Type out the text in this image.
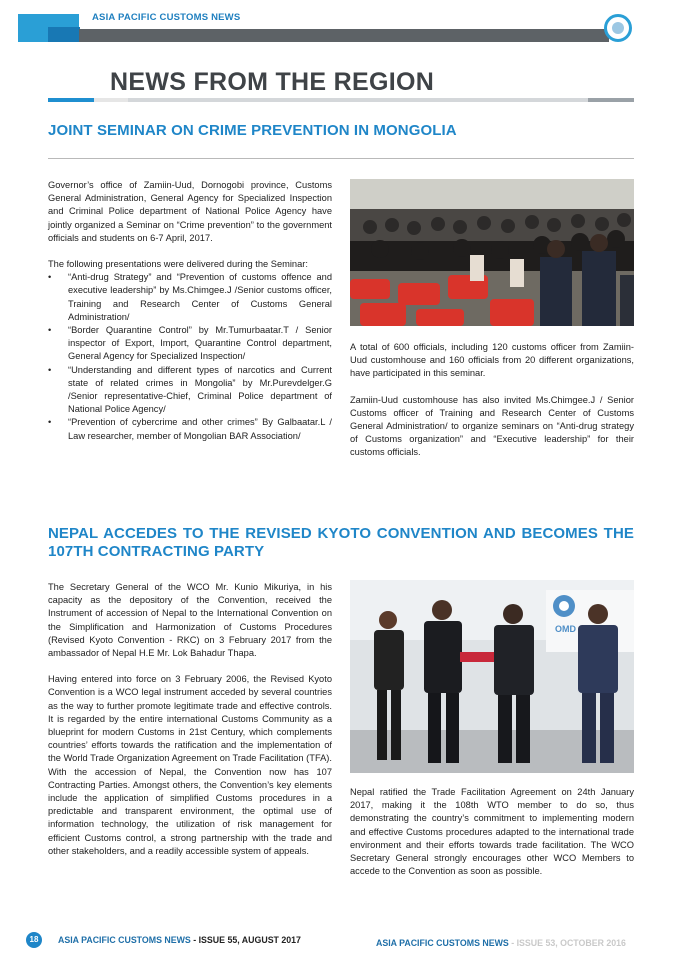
ASIA PACIFIC CUSTOMS NEWS
NEWS FROM THE REGION
JOINT SEMINAR ON CRIME PREVENTION IN MONGOLIA

Governor’s office of Zamiin-Uud, Dornogobi province, Customs General Administration, General Agency for Specialized Inspection and Criminal Police department of National Police Agency have jointly organized a Seminar on “Crime prevention” to the government officials and students on 6-7 April, 2017.

The following presentations were delivered during the Seminar:
• “Anti-drug Strategy” and “Prevention of customs offence and executive leadership” by Ms.Chimgee.J /Senior customs officer, Training and Research Center of Customs General Administration/
• “Border Quarantine Control” by Mr.Tumurbaatar.T / Senior inspector of Export, Import, Quarantine Control department, General Agency for Specialized Inspection/
• “Understanding and different types of narcotics and Current state of related crimes in Mongolia” by Mr.Purevdelger.G /Senior representative-Chief, Criminal Police department of National Police Agency/
• “Prevention of cybercrime and other crimes” By Galbaatar.L / Law researcher, member of Mongolian BAR Association/

A total of 600 officials, including 120 customs officer from Zamiin-Uud customhouse and 160 officials from 20 different organizations, have participated in this seminar.

Zamiin-Uud customhouse has also invited Ms.Chimgee.J / Senior Customs officer of Training and Research Center of Customs General Administration/ to organize seminars on “Anti-drug strategy of Customs organization” and “Executive leadership” for their customs officials.

NEPAL ACCEDES TO THE REVISED KYOTO CONVENTION AND BECOMES THE 107TH CONTRACTING PARTY

The Secretary General of the WCO Mr. Kunio Mikuriya, in his capacity as the depository of the Convention, received the Instrument of accession of Nepal to the International Convention on the Simplification and Harmonization of Customs Procedures (Revised Kyoto Convention - RKC) on 3 February 2017 from the ambassador of Nepal H.E Mr. Lok Bahadur Thapa.

Having entered into force on 3 February 2006, the Revised Kyoto Convention is a WCO legal instrument acceded by several countries as the way to further promote legitimate trade and effective controls. It is regarded by the entire international Customs Community as a blueprint for modern Customs in 21st Century, which complements countries’ efforts towards the ratification and the implementation of the World Trade Organization Agreement on Trade Facilitation (TFA). With the accession of Nepal, the Convention now has 107 Contracting Parties. Amongst others, the Convention’s key elements include the application of simplified Customs procedures in a predictable and transparent environment, the optimal use of information technology, the utilization of risk management for efficient Customs control, a strong partnership with the trade and other stakeholders, and a readily accessible system of appeals.

OMD

Nepal ratified the Trade Facilitation Agreement on 24th January 2017, making it the 108th WTO member to do so, thus demonstrating the country’s commitment to implementing modern and effective Customs procedures adapted to the international trade environment and their efforts towards trade facilitation. The WCO Secretary General strongly encourages other WCO Members to accede to the Convention as soon as possible.

18	ASIA PACIFIC CUSTOMS NEWS - ISSUE 55, AUGUST 2017	ASIA PACIFIC CUSTOMS NEWS - ISSUE 53, OCTOBER 2016
